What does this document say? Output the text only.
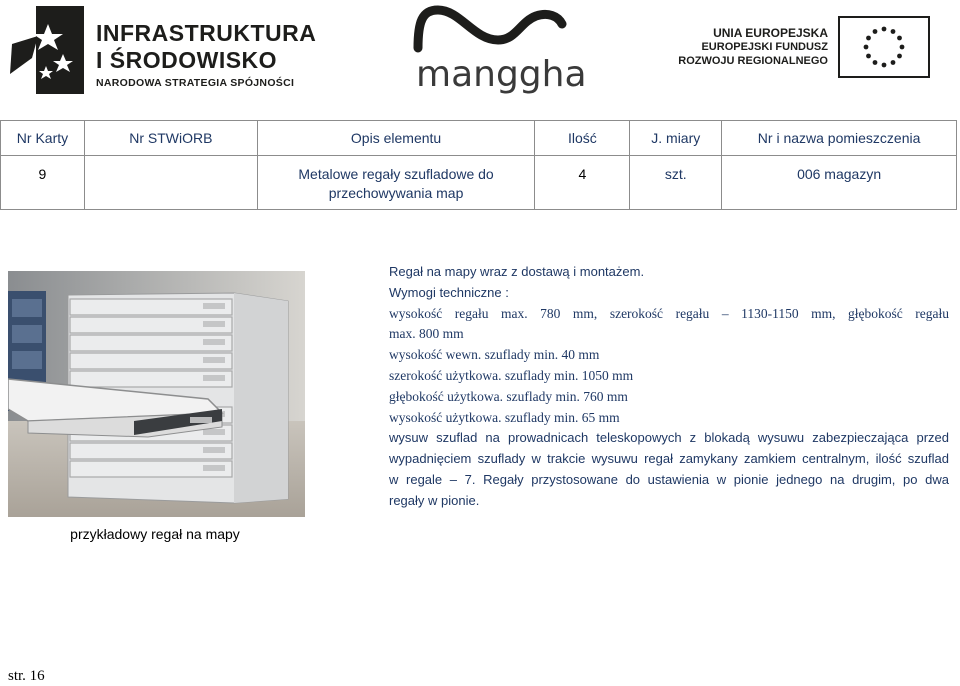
INFRASTRUKTURA
I ŚRODOWISKO
NARODOWA STRATEGIA SPÓJNOŚCI	manggha
UNIA EUROPEJSKA
EUROPEJSKI FUNDUSZ
ROZWOJU REGIONALNEGO
Nr Karty	Nr STWiORB	Opis elementu	Ilość	J. miary	Nr i nazwa pomieszczenia
9		Metalowe regały szufladowe do
przechowywania map	4	szt.	006 magazyn
przykładowy regał na mapy
Regał na mapy wraz z dostawą i montażem.
Wymogi techniczne :
wysokość regału max. 780 mm, szerokość regału – 1130-1150 mm, głębokość regału
max. 800 mm
wysokość wewn. szuflady min. 40 mm
szerokość użytkowa. szuflady min. 1050 mm
głębokość użytkowa. szuflady min. 760 mm
wysokość użytkowa. szuflady min. 65 mm
wysuw szuflad na prowadnicach teleskopowych z blokadą wysuwu zabezpieczająca przed
wypadnięciem szuflady w trakcie wysuwu regał zamykany zamkiem centralnym, ilość szuflad
w regale – 7. Regały przystosowane do ustawienia w pionie jednego na drugim, po dwa
regały w pionie.
str. 16
